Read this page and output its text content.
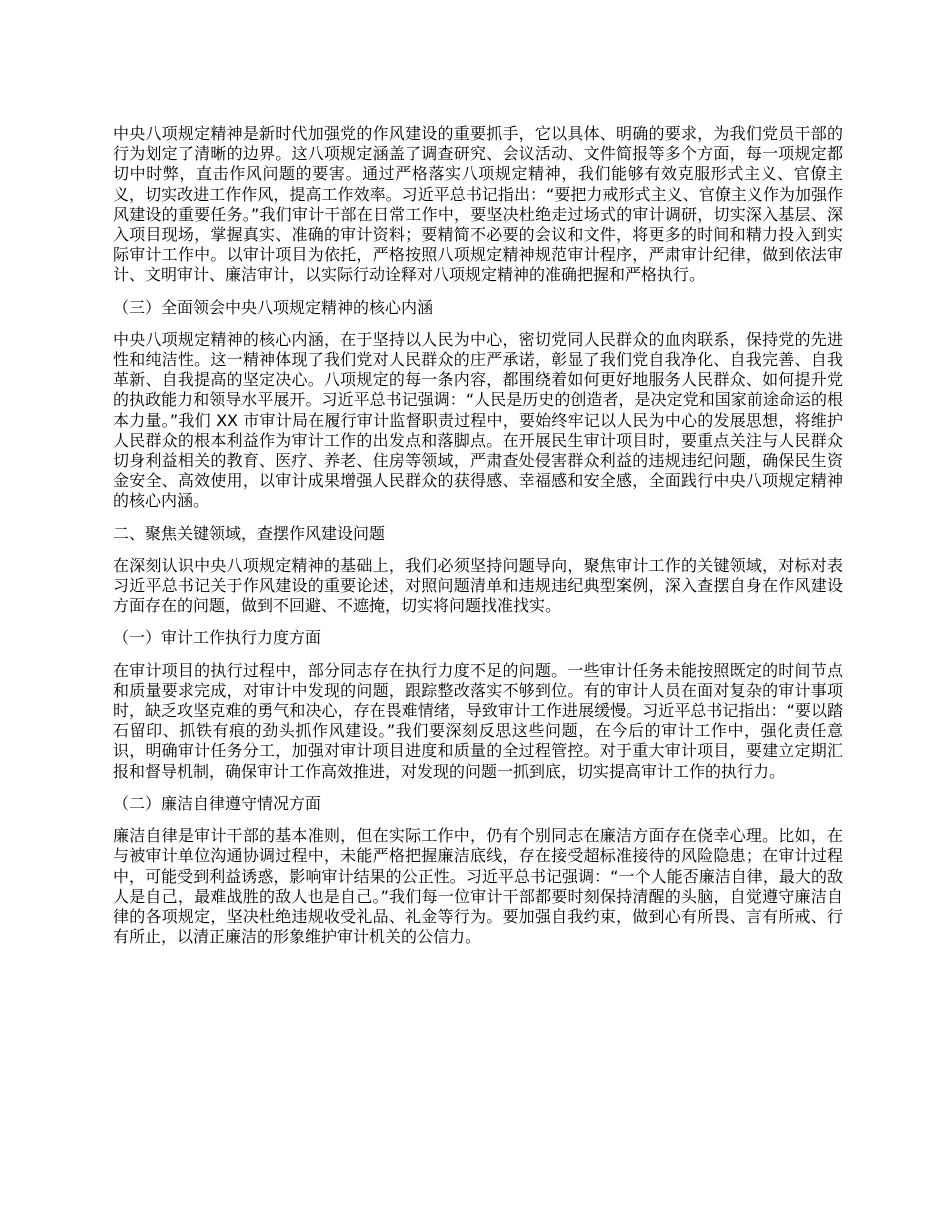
中央八项规定精神是新时代加强党的作风建设的重要抓手，它以具体、明确的要求，为我们党员干部的行为划定了清晰的边界。这八项规定涵盖了调查研究、会议活动、文件简报等多个方面，每一项规定都切中时弊，直击作风问题的要害。通过严格落实八项规定精神，我们能够有效克服形式主义、官僚主义，切实改进工作作风，提高工作效率。习近平总书记指出：“要把力戒形式主义、官僚主义作为加强作风建设的重要任务。”我们审计干部在日常工作中，要坚决杜绝走过场式的审计调研，切实深入基层、深入项目现场，掌握真实、准确的审计资料；要精简不必要的会议和文件，将更多的时间和精力投入到实际审计工作中。以审计项目为依托，严格按照八项规定精神规范审计程序，严肃审计纪律，做到依法审计、文明审计、廉洁审计，以实际行动诠释对八项规定精神的准确把握和严格执行。

（三）全面领会中央八项规定精神的核心内涵

中央八项规定精神的核心内涵，在于坚持以人民为中心，密切党同人民群众的血肉联系，保持党的先进性和纯洁性。这一精神体现了我们党对人民群众的庄严承诺，彰显了我们党自我净化、自我完善、自我革新、自我提高的坚定决心。八项规定的每一条内容，都围绕着如何更好地服务人民群众、如何提升党的执政能力和领导水平展开。习近平总书记强调：“人民是历史的创造者，是决定党和国家前途命运的根本力量。”我们 XX 市审计局在履行审计监督职责过程中，要始终牢记以人民为中心的发展思想，将维护人民群众的根本利益作为审计工作的出发点和落脚点。在开展民生审计项目时，要重点关注与人民群众切身利益相关的教育、医疗、养老、住房等领域，严肃查处侵害群众利益的违规违纪问题，确保民生资金安全、高效使用，以审计成果增强人民群众的获得感、幸福感和安全感，全面践行中央八项规定精神的核心内涵。

二、聚焦关键领域，查摆作风建设问题

在深刻认识中央八项规定精神的基础上，我们必须坚持问题导向，聚焦审计工作的关键领域，对标对表习近平总书记关于作风建设的重要论述，对照问题清单和违规违纪典型案例，深入查摆自身在作风建设方面存在的问题，做到不回避、不遮掩，切实将问题找准找实。

（一）审计工作执行力度方面

在审计项目的执行过程中，部分同志存在执行力度不足的问题。一些审计任务未能按照既定的时间节点和质量要求完成，对审计中发现的问题，跟踪整改落实不够到位。有的审计人员在面对复杂的审计事项时，缺乏攻坚克难的勇气和决心，存在畏难情绪，导致审计工作进展缓慢。习近平总书记指出：“要以踏石留印、抓铁有痕的劲头抓作风建设。”我们要深刻反思这些问题，在今后的审计工作中，强化责任意识，明确审计任务分工，加强对审计项目进度和质量的全过程管控。对于重大审计项目，要建立定期汇报和督导机制，确保审计工作高效推进，对发现的问题一抓到底，切实提高审计工作的执行力。

（二）廉洁自律遵守情况方面

廉洁自律是审计干部的基本准则，但在实际工作中，仍有个别同志在廉洁方面存在侥幸心理。比如，在与被审计单位沟通协调过程中，未能严格把握廉洁底线，存在接受超标准接待的风险隐患；在审计过程中，可能受到利益诱惑，影响审计结果的公正性。习近平总书记强调：“一个人能否廉洁自律，最大的敌人是自己，最难战胜的敌人也是自己。”我们每一位审计干部都要时刻保持清醒的头脑，自觉遵守廉洁自律的各项规定，坚决杜绝违规收受礼品、礼金等行为。要加强自我约束，做到心有所畏、言有所戒、行有所止，以清正廉洁的形象维护审计机关的公信力。
